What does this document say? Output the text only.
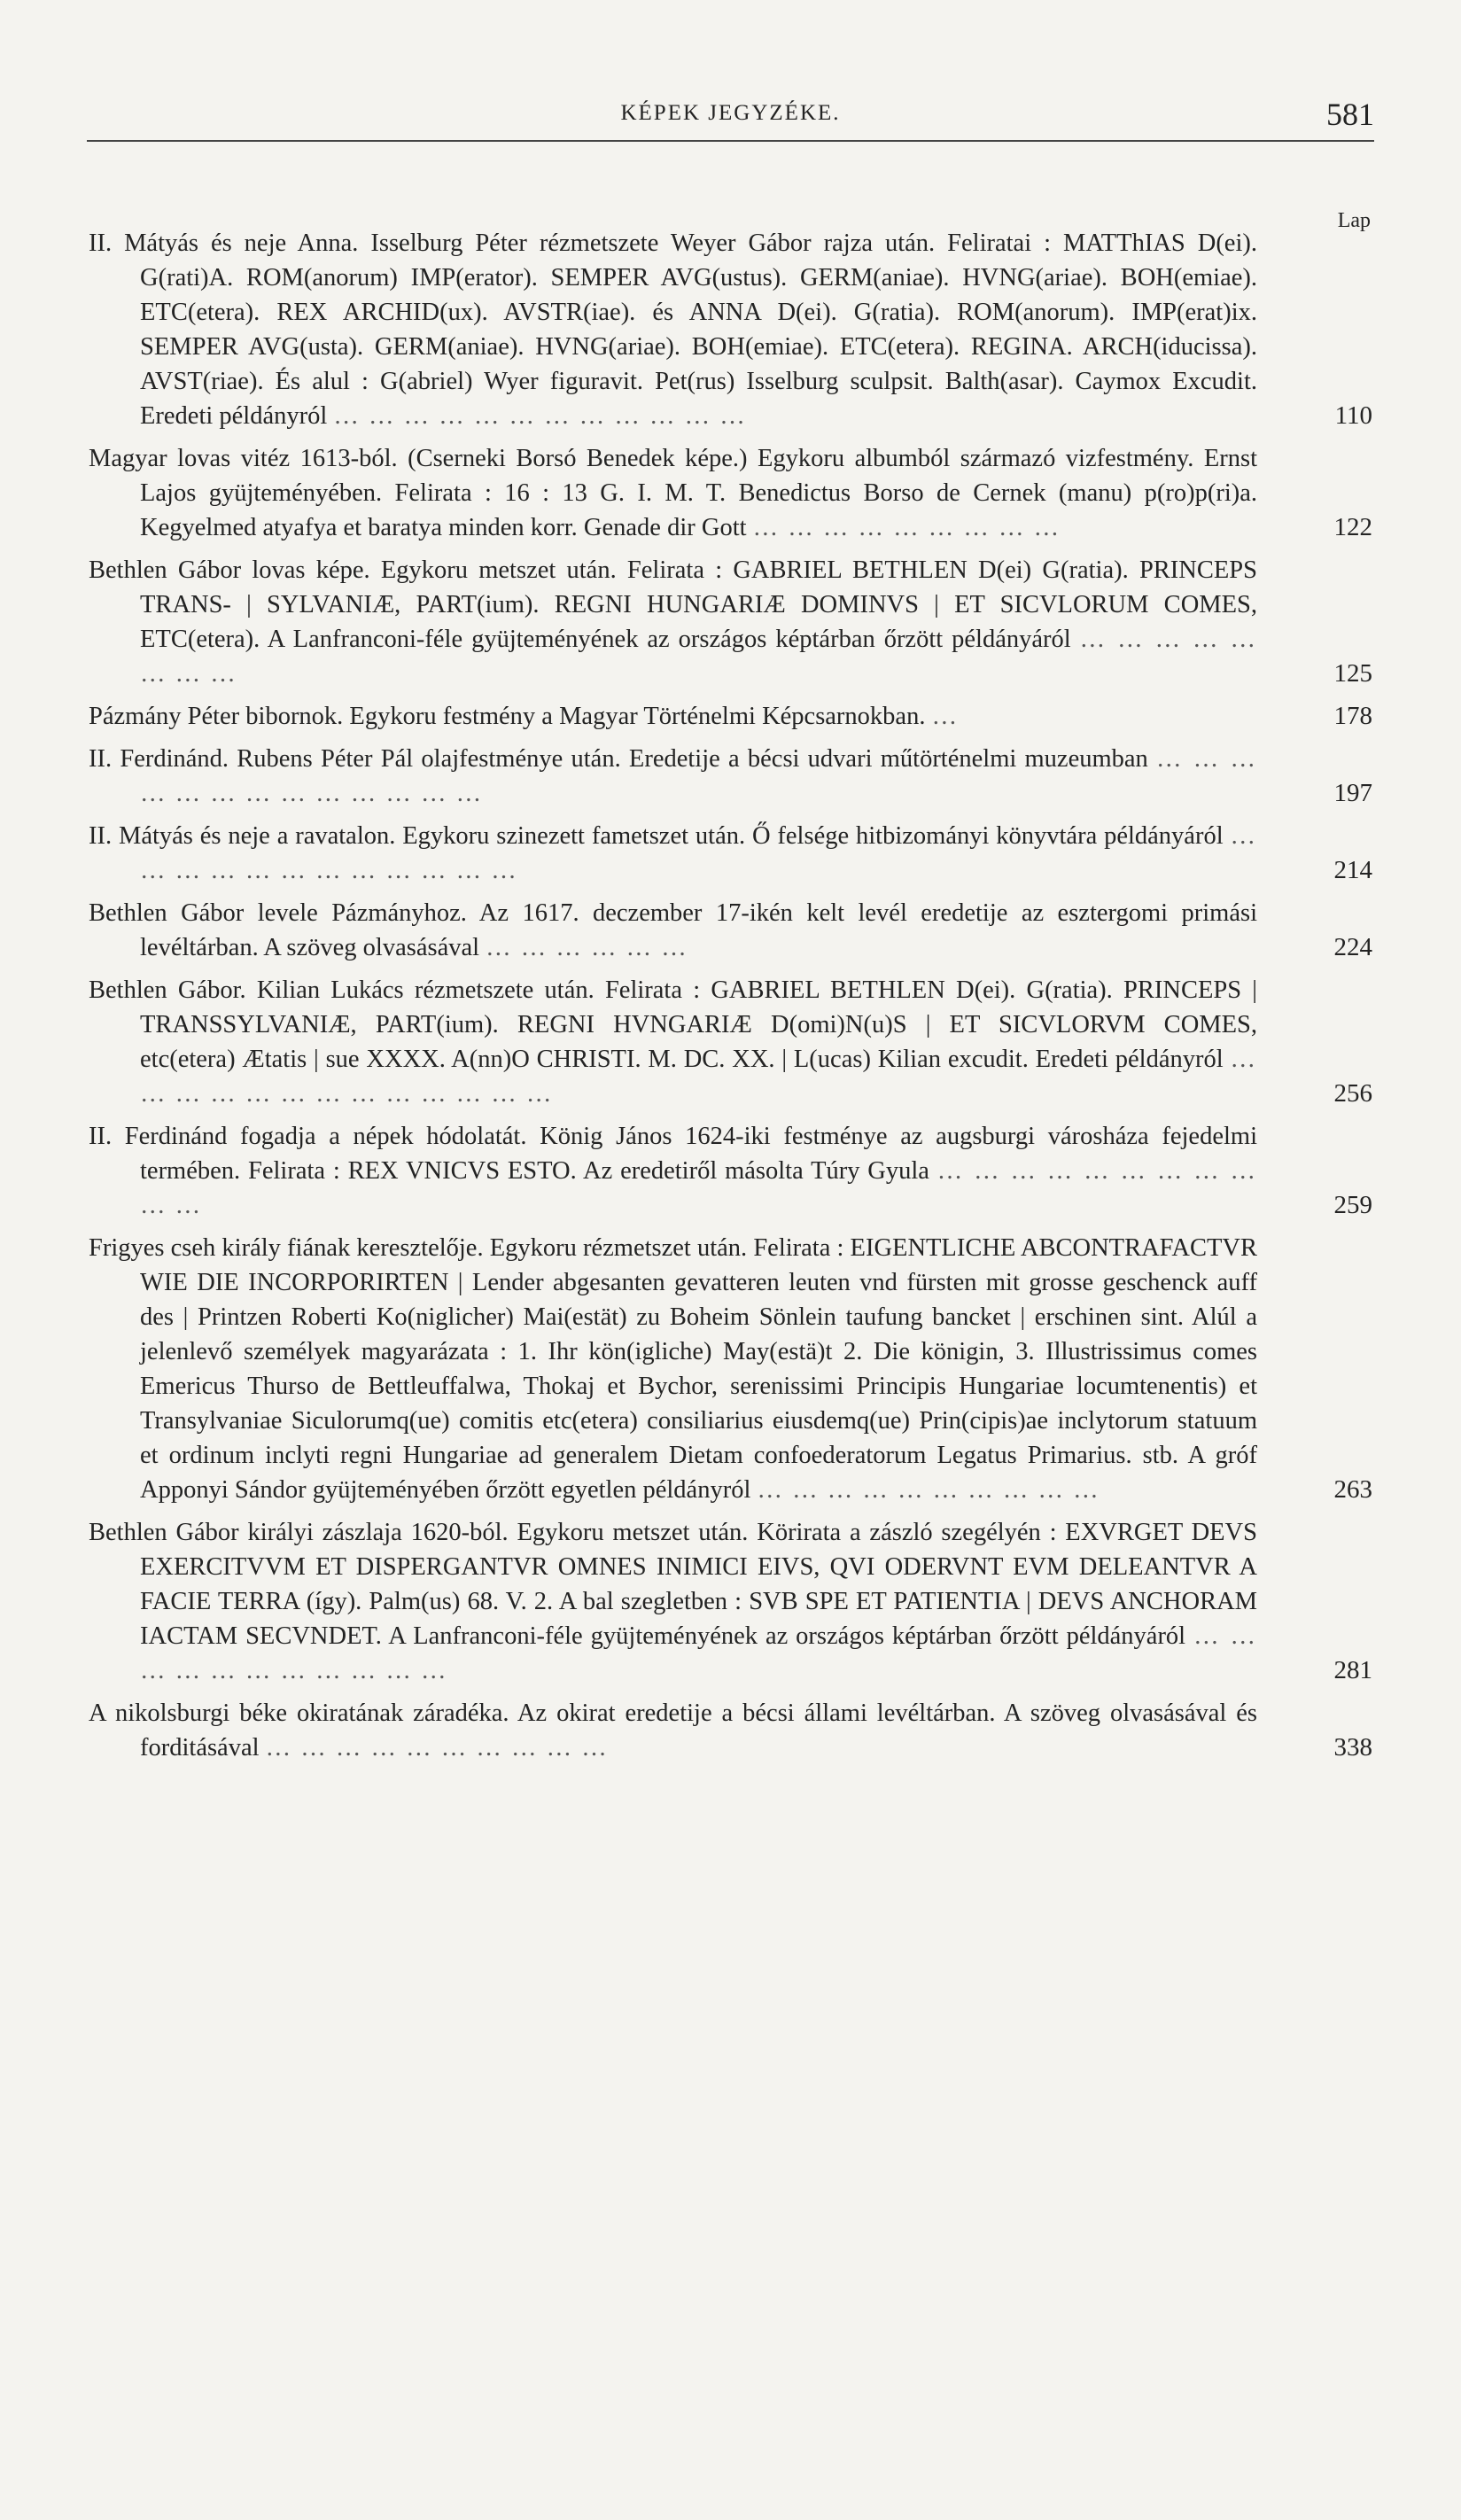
KÉPEK JEGYZÉKE.	581
Lap
II. Mátyás és neje Anna. Isselburg Péter rézmetszete Weyer Gábor rajza után. Feliratai : MATThIAS D(ei). G(rati)A. ROM(anorum) IMP(erator). SEMPER AVG(ustus). GERM(aniae). HVNG(ariae). BOH(emiae). ETC(etera). REX ARCHID(ux). AVSTR(iae). és ANNA D(ei). G(ratia). ROM(anorum). IMP(erat)ix. SEMPER AVG(usta). GERM(aniae). HVNG(ariae). BOH(emiae). ETC(etera). REGINA. ARCH(iducissa). AVST(riae). És alul : G(abriel) Wyer figuravit. Pet(rus) Isselburg sculpsit. Balth(asar). Caymox Excudit. Eredeti példányról … … … … … … … … … … … …	110
Magyar lovas vitéz 1613-ból. (Cserneki Borsó Benedek képe.) Egykoru albumból származó vizfestmény. Ernst Lajos gyüjteményében. Felirata : 16 : 13 G. I. M. T. Benedictus Borso de Cernek (manu) p(ro)p(ri)a. Kegyelmed atyafya et baratya minden korr. Genade dir Gott … … … … … … … … …	122
Bethlen Gábor lovas képe. Egykoru metszet után. Felirata : GABRIEL BETHLEN D(ei) G(ratia). PRINCEPS TRANS- | SYLVANIÆ, PART(ium). REGNI HUNGARIÆ DOMINVS | ET SICVLORUM COMES, ETC(etera). A Lanfranconi-féle gyüjteményének az országos képtárban őrzött példányáról … … … … … … … …	125
Pázmány Péter bibornok. Egykoru festmény a Magyar Történelmi Képcsarnokban. …	178
II. Ferdinánd. Rubens Péter Pál olajfestménye után. Eredetije a bécsi udvari műtörténelmi muzeumban … … … … … … … … … … … … …	197
II. Mátyás és neje a ravatalon. Egykoru szinezett fametszet után. Ő felsége hitbizományi könyvtára példányáról … … … … … … … … … … … …	214
Bethlen Gábor levele Pázmányhoz. Az 1617. deczember 17-ikén kelt levél eredetije az esztergomi primási levéltárban. A szöveg olvasásával … … … … … …	224
Bethlen Gábor. Kilian Lukács rézmetszete után. Felirata : GABRIEL BETHLEN D(ei). G(ratia). PRINCEPS | TRANSSYLVANIÆ, PART(ium). REGNI HVNGARIÆ D(omi)N(u)S | ET SICVLORVM COMES, etc(etera) Ætatis | sue XXXX. A(nn)O CHRISTI. M. DC. XX. | L(ucas) Kilian excudit. Eredeti példányról … … … … … … … … … … … … …	256
II. Ferdinánd fogadja a népek hódolatát. König János 1624-iki festménye az augsburgi városháza fejedelmi termében. Felirata : REX VNICVS ESTO. Az eredetiről másolta Túry Gyula … … … … … … … … … … …	259
Frigyes cseh király fiának keresztelője. Egykoru rézmetszet után. Felirata : EIGENTLICHE ABCONTRAFACTVR WIE DIE INCORPORIRTEN | Lender abgesanten gevatteren leuten vnd fürsten mit grosse geschenck auff des | Printzen Roberti Ko(niglicher) Mai(estät) zu Boheim Sönlein taufung bancket | erschinen sint. Alúl a jelenlevő személyek magyarázata : 1. Ihr kön(igliche) May(estä)t 2. Die königin, 3. Illustrissimus comes Emericus Thurso de Bettleuffalwa, Thokaj et Bychor, serenissimi Principis Hungariae locumtenentis) et Transylvaniae Siculorumq(ue) comitis etc(etera) consiliarius eiusdemq(ue) Prin(cipis)ae inclytorum statuum et ordinum inclyti regni Hungariae ad generalem Dietam confoederatorum Legatus Primarius. stb. A gróf Apponyi Sándor gyüjteményében őrzött egyetlen példányról … … … … … … … … … …	263
Bethlen Gábor királyi zászlaja 1620-ból. Egykoru metszet után. Körirata a zászló szegélyén : EXVRGET DEVS EXERCITVVM ET DISPERGANTVR OMNES INIMICI EIVS, QVI ODERVNT EVM DELEANTVR A FACIE TERRA (így). Palm(us) 68. V. 2. A bal szegletben : SVB SPE ET PATIENTIA | DEVS ANCHORAM IACTAM SECVNDET. A Lanfranconi-féle gyüjteményének az országos képtárban őrzött példányáról … … … … … … … … … … …	281
A nikolsburgi béke okiratának záradéka. Az okirat eredetije a bécsi állami levéltárban. A szöveg olvasásával és forditásával … … … … … … … … … …	338
